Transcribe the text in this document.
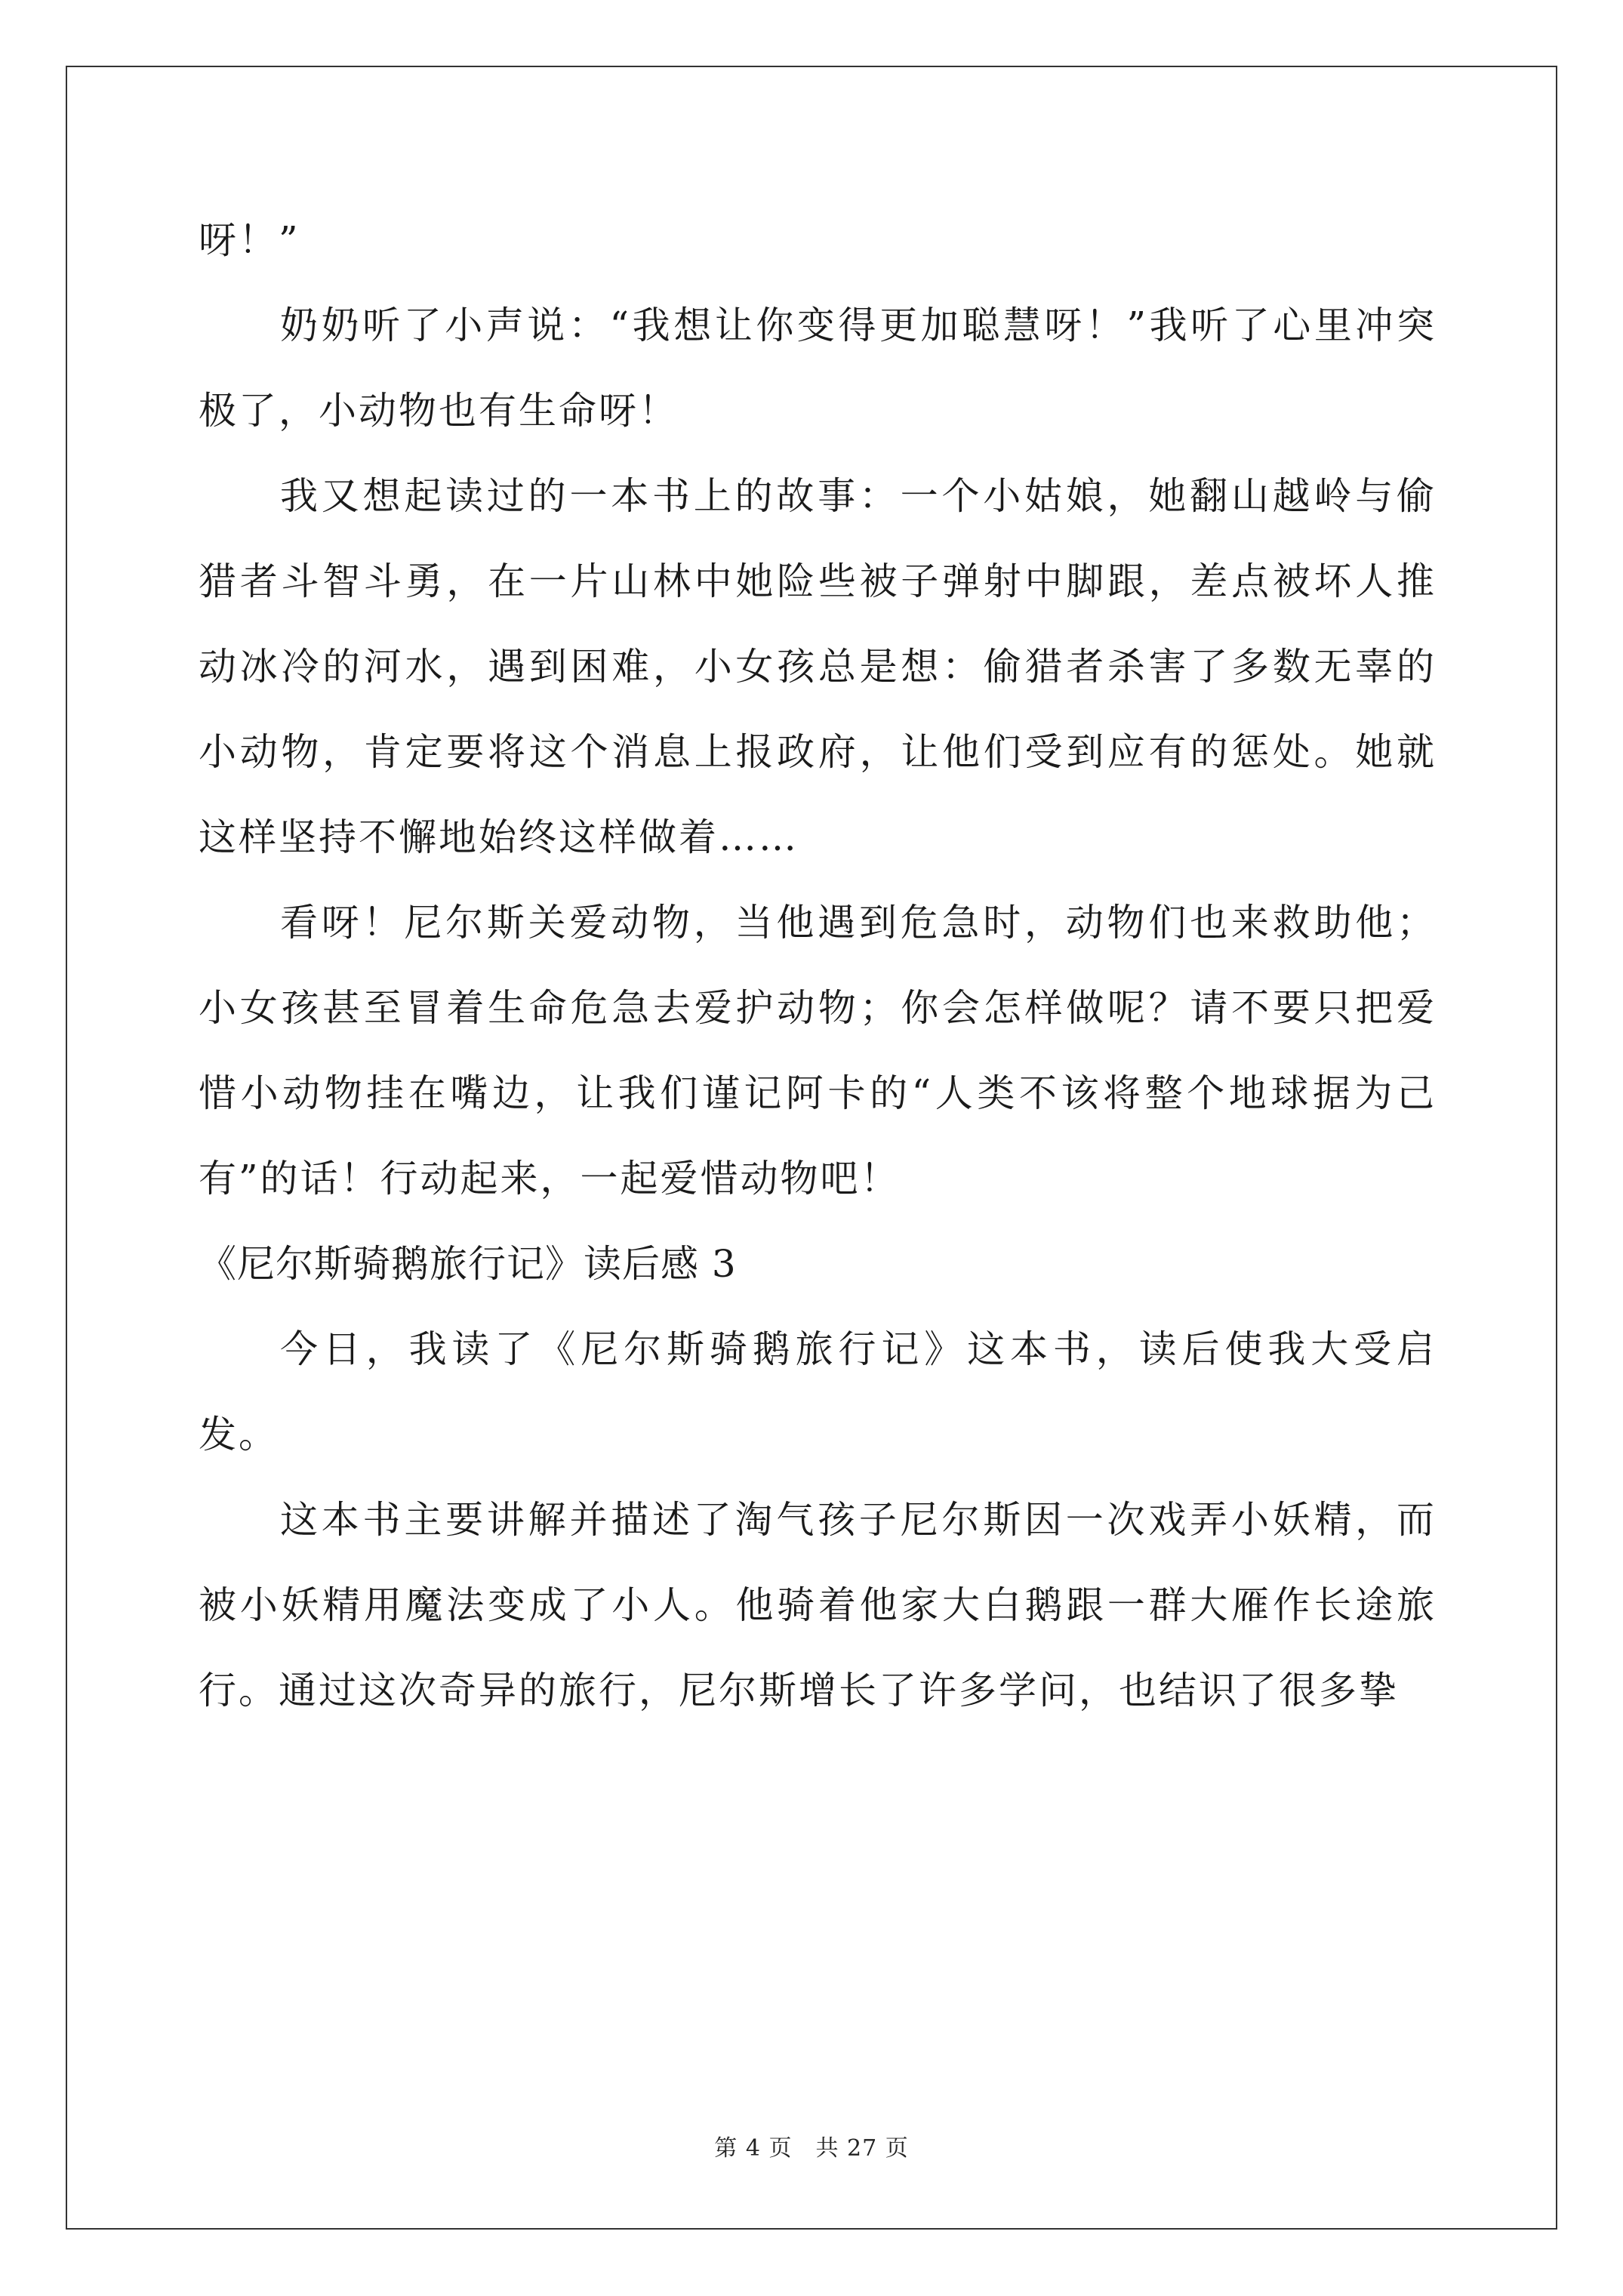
呀！”

奶奶听了小声说：“我想让你变得更加聪慧呀！”我听了心里冲突极了，小动物也有生命呀！

我又想起读过的一本书上的故事：一个小姑娘，她翻山越岭与偷猎者斗智斗勇，在一片山林中她险些被子弹射中脚跟，差点被坏人推动冰冷的河水，遇到困难，小女孩总是想：偷猎者杀害了多数无辜的小动物，肯定要将这个消息上报政府，让他们受到应有的惩处。她就这样坚持不懈地始终这样做着……

看呀！尼尔斯关爱动物，当他遇到危急时，动物们也来救助他；小女孩甚至冒着生命危急去爱护动物；你会怎样做呢？请不要只把爱惜小动物挂在嘴边，让我们谨记阿卡的“人类不该将整个地球据为己有”的话！行动起来，一起爱惜动物吧！

《尼尔斯骑鹅旅行记》读后感 3

今日，我读了《尼尔斯骑鹅旅行记》这本书，读后使我大受启发。

这本书主要讲解并描述了淘气孩子尼尔斯因一次戏弄小妖精，而被小妖精用魔法变成了小人。他骑着他家大白鹅跟一群大雁作长途旅行。通过这次奇异的旅行，尼尔斯增长了许多学问，也结识了很多挚

第 4 页　共 27 页
